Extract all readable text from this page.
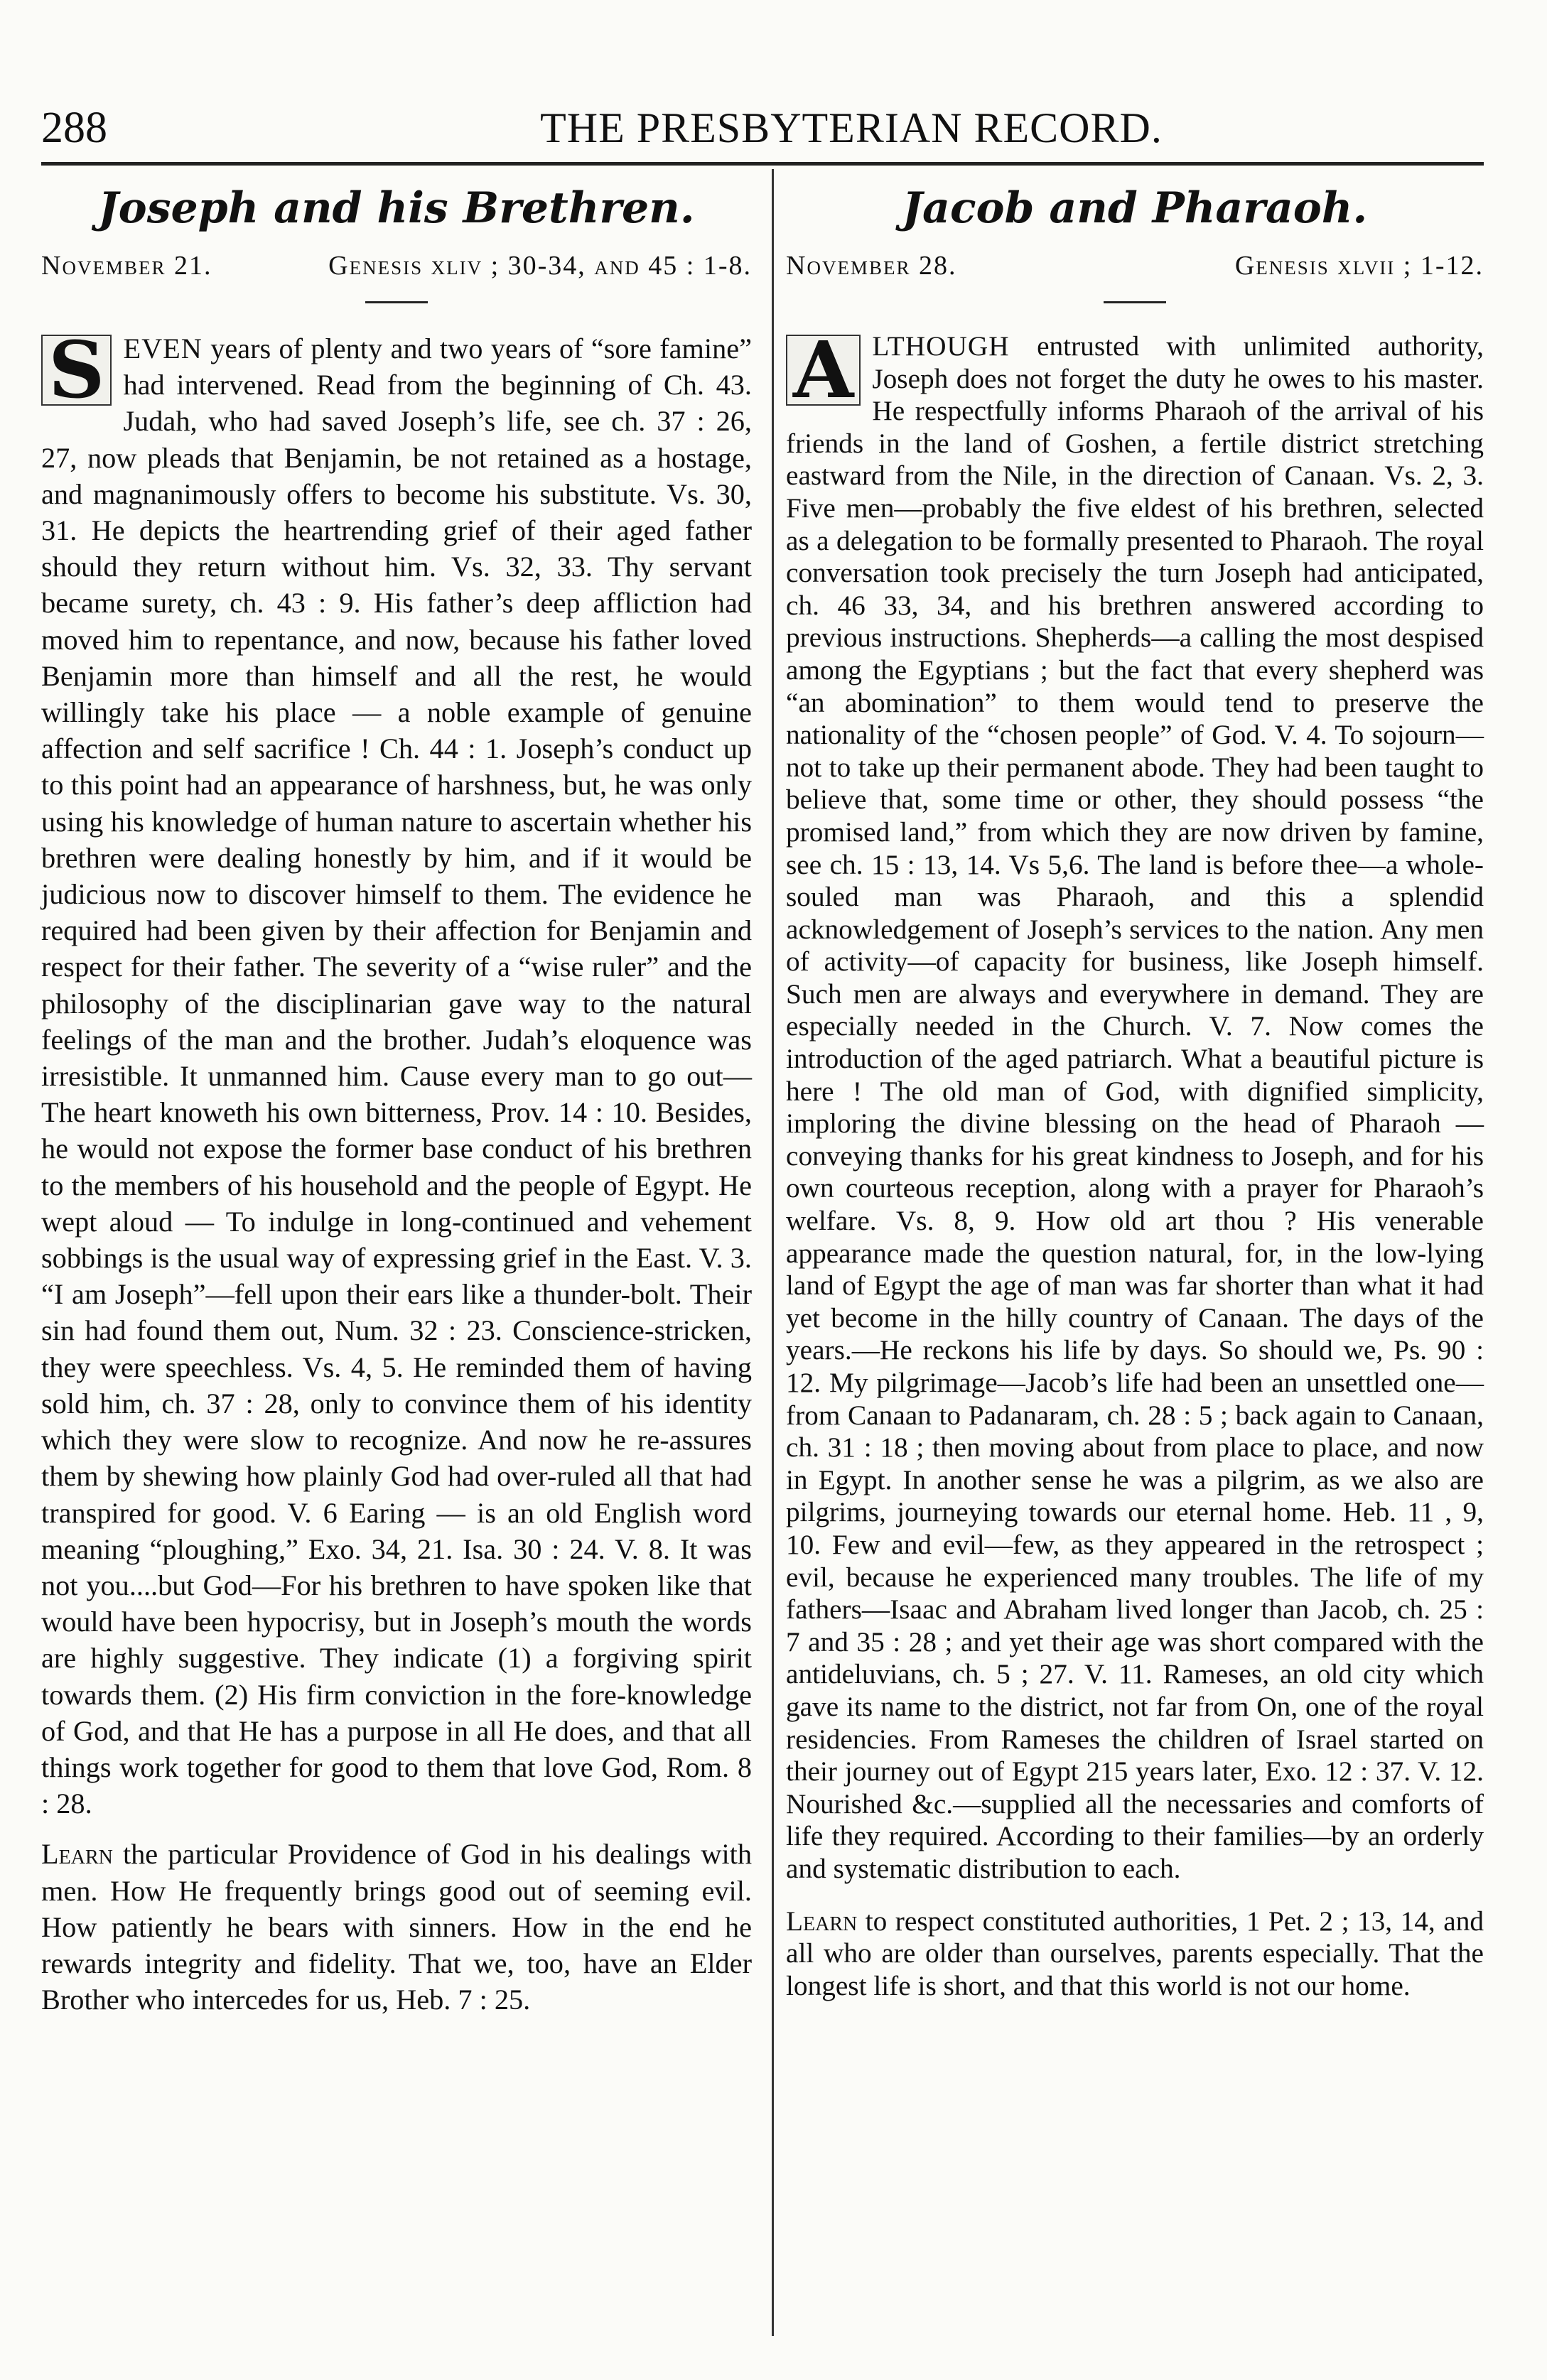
288	THE PRESBYTERIAN RECORD.
Joseph and his Brethren.
November 21.	Genesis xliv ; 30-34, and 45 : 1-8.

S EVEN years of plenty and two years of “sore famine” had intervened. Read from the beginning of Ch. 43. Judah, who had saved Joseph’s life, see ch. 37 : 26, 27, now pleads that Benjamin, be not retained as a hostage, and magnanimously offers to become his substitute. Vs. 30, 31. He depicts the heartrending grief of their aged father should they return without him. Vs. 32, 33. Thy servant became surety, ch. 43 : 9. His father’s deep affliction had moved him to repentance, and now, because his father loved Benjamin more than himself and all the rest, he would willingly take his place — a noble example of genuine affection and self sacrifice ! Ch. 44 : 1. Joseph’s conduct up to this point had an appearance of harshness, but, he was only using his knowledge of human nature to ascertain whether his brethren were dealing honestly by him, and if it would be judicious now to discover himself to them. The evidence he required had been given by their affection for Benjamin and respect for their father. The severity of a “wise ruler” and the philosophy of the disciplinarian gave way to the natural feelings of the man and the brother. Judah’s eloquence was irresistible. It unmanned him. Cause every man to go out—The heart knoweth his own bitterness, Prov. 14 : 10. Besides, he would not expose the former base conduct of his brethren to the members of his household and the people of Egypt. He wept aloud — To indulge in long-continued and vehement sobbings is the usual way of expressing grief in the East. V. 3. “I am Joseph”—fell upon their ears like a thunder-bolt. Their sin had found them out, Num. 32 : 23. Conscience-stricken, they were speechless. Vs. 4, 5. He reminded them of having sold him, ch. 37 : 28, only to convince them of his identity which they were slow to recognize. And now he re-assures them by shewing how plainly God had over-ruled all that had transpired for good. V. 6 Earing — is an old English word meaning “ploughing,” Exo. 34, 21. Isa. 30 : 24. V. 8. It was not you....but God—For his brethren to have spoken like that would have been hypocrisy, but in Joseph’s mouth the words are highly suggestive. They indicate (1) a forgiving spirit towards them. (2) His firm conviction in the fore-knowledge of God, and that He has a purpose in all He does, and that all things work together for good to them that love God, Rom. 8 : 28.

Learn the particular Providence of God in his dealings with men. How He frequently brings good out of seeming evil. How patiently he bears with sinners. How in the end he rewards integrity and fidelity. That we, too, have an Elder Brother who intercedes for us, Heb. 7 : 25.

Jacob and Pharaoh.
November 28.	Genesis xlvii ; 1-12.

A LTHOUGH entrusted with unlimited authority, Joseph does not forget the duty he owes to his master. He respectfully informs Pharaoh of the arrival of his friends in the land of Goshen, a fertile district stretching eastward from the Nile, in the direction of Canaan. Vs. 2, 3. Five men—probably the five eldest of his brethren, selected as a delegation to be formally presented to Pharaoh. The royal conversation took precisely the turn Joseph had anticipated, ch. 46 33, 34, and his brethren answered according to previous instructions. Shepherds—a calling the most despised among the Egyptians ; but the fact that every shepherd was “an abomination” to them would tend to preserve the nationality of the “chosen people” of God. V. 4. To sojourn—not to take up their permanent abode. They had been taught to believe that, some time or other, they should possess “the promised land,” from which they are now driven by famine, see ch. 15 : 13, 14. Vs 5,6. The land is before thee—a whole-souled man was Pharaoh, and this a splendid acknowledgement of Joseph’s services to the nation. Any men of activity—of capacity for business, like Joseph himself. Such men are always and everywhere in demand. They are especially needed in the Church. V. 7. Now comes the introduction of the aged patriarch. What a beautiful picture is here ! The old man of God, with dignified simplicity, imploring the divine blessing on the head of Pharaoh — conveying thanks for his great kindness to Joseph, and for his own courteous reception, along with a prayer for Pharaoh’s welfare. Vs. 8, 9. How old art thou ? His venerable appearance made the question natural, for, in the low-lying land of Egypt the age of man was far shorter than what it had yet become in the hilly country of Canaan. The days of the years.—He reckons his life by days. So should we, Ps. 90 : 12. My pilgrimage—Jacob’s life had been an unsettled one— from Canaan to Padanaram, ch. 28 : 5 ; back again to Canaan, ch. 31 : 18 ; then moving about from place to place, and now in Egypt. In another sense he was a pilgrim, as we also are pilgrims, journeying towards our eternal home. Heb. 11 , 9, 10. Few and evil—few, as they appeared in the retrospect ; evil, because he experienced many troubles. The life of my fathers—Isaac and Abraham lived longer than Jacob, ch. 25 : 7 and 35 : 28 ; and yet their age was short compared with the antideluvians, ch. 5 ; 27. V. 11. Rameses, an old city which gave its name to the district, not far from On, one of the royal residencies. From Rameses the children of Israel started on their journey out of Egypt 215 years later, Exo. 12 : 37. V. 12. Nourished &c.—supplied all the necessaries and comforts of life they required. According to their families—by an orderly and systematic distribution to each.

Learn to respect constituted authorities, 1 Pet. 2 ; 13, 14, and all who are older than ourselves, parents especially. That the longest life is short, and that this world is not our home.
